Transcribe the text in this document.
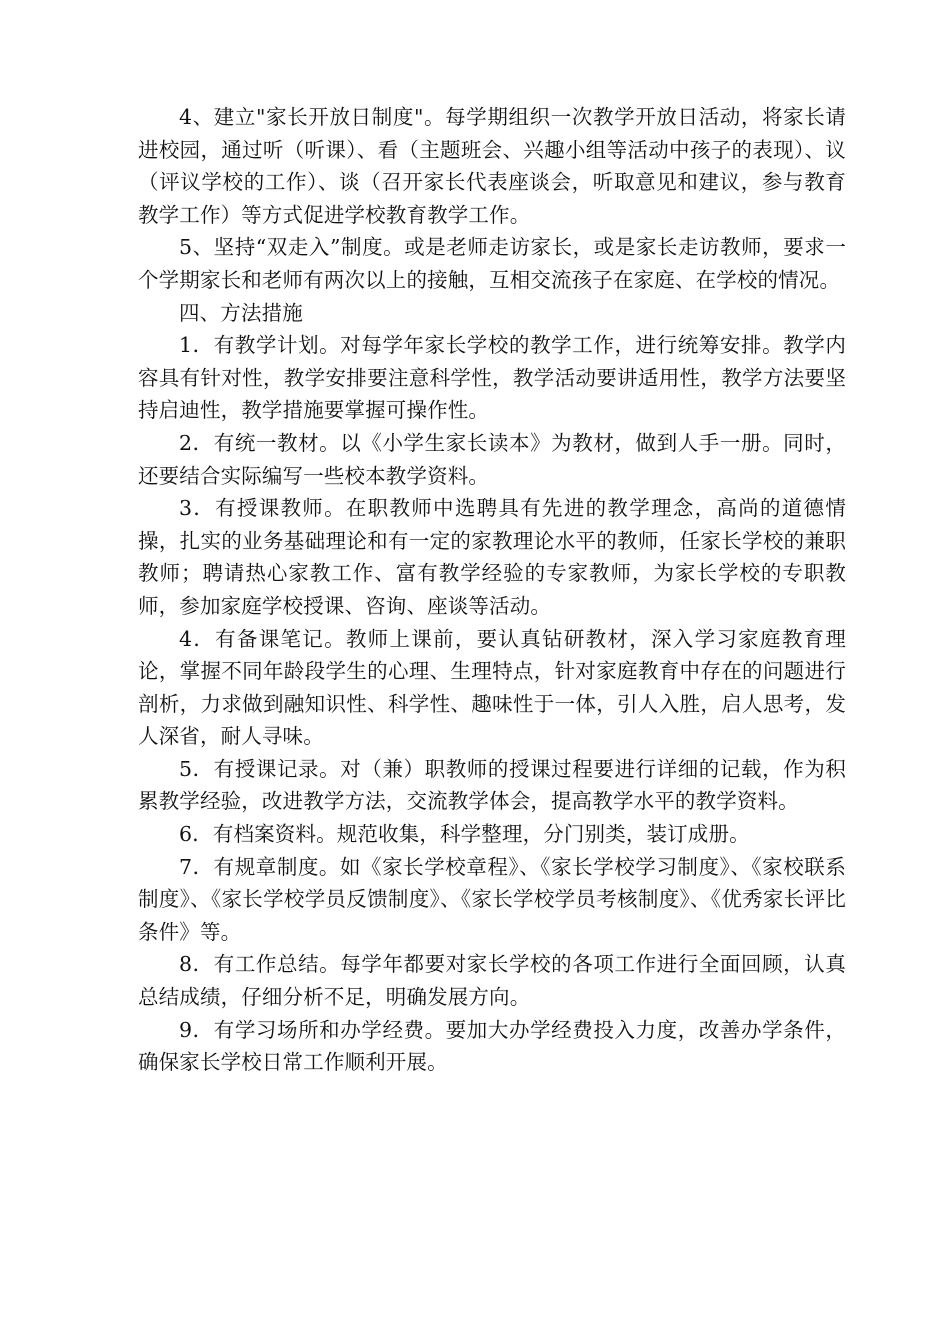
4、建立"家长开放日制度"。每学期组织一次教学开放日活动，将家长请进校园，通过听（听课）、看（主题班会、兴趣小组等活动中孩子的表现）、议（评议学校的工作）、谈（召开家长代表座谈会，听取意见和建议，参与教育教学工作）等方式促进学校教育教学工作。

5、坚持“双走入”制度。或是老师走访家长，或是家长走访教师，要求一个学期家长和老师有两次以上的接触，互相交流孩子在家庭、在学校的情况。

四、方法措施

1．有教学计划。对每学年家长学校的教学工作，进行统筹安排。教学内容具有针对性，教学安排要注意科学性，教学活动要讲适用性，教学方法要坚持启迪性，教学措施要掌握可操作性。

2．有统一教材。以《小学生家长读本》为教材，做到人手一册。同时，还要结合实际编写一些校本教学资料。

3．有授课教师。在职教师中选聘具有先进的教学理念，高尚的道德情操，扎实的业务基础理论和有一定的家教理论水平的教师，任家长学校的兼职教师；聘请热心家教工作、富有教学经验的专家教师，为家长学校的专职教师，参加家庭学校授课、咨询、座谈等活动。

4．有备课笔记。教师上课前，要认真钻研教材，深入学习家庭教育理论，掌握不同年龄段学生的心理、生理特点，针对家庭教育中存在的问题进行剖析，力求做到融知识性、科学性、趣味性于一体，引人入胜，启人思考，发人深省，耐人寻味。

5．有授课记录。对（兼）职教师的授课过程要进行详细的记载，作为积累教学经验，改进教学方法，交流教学体会，提高教学水平的教学资料。

6．有档案资料。规范收集，科学整理，分门别类，装订成册。

7．有规章制度。如《家长学校章程》、《家长学校学习制度》、《家校联系制度》、《家长学校学员反馈制度》、《家长学校学员考核制度》、《优秀家长评比条件》等。

8．有工作总结。每学年都要对家长学校的各项工作进行全面回顾，认真总结成绩，仔细分析不足，明确发展方向。

9．有学习场所和办学经费。要加大办学经费投入力度，改善办学条件，确保家长学校日常工作顺利开展。
